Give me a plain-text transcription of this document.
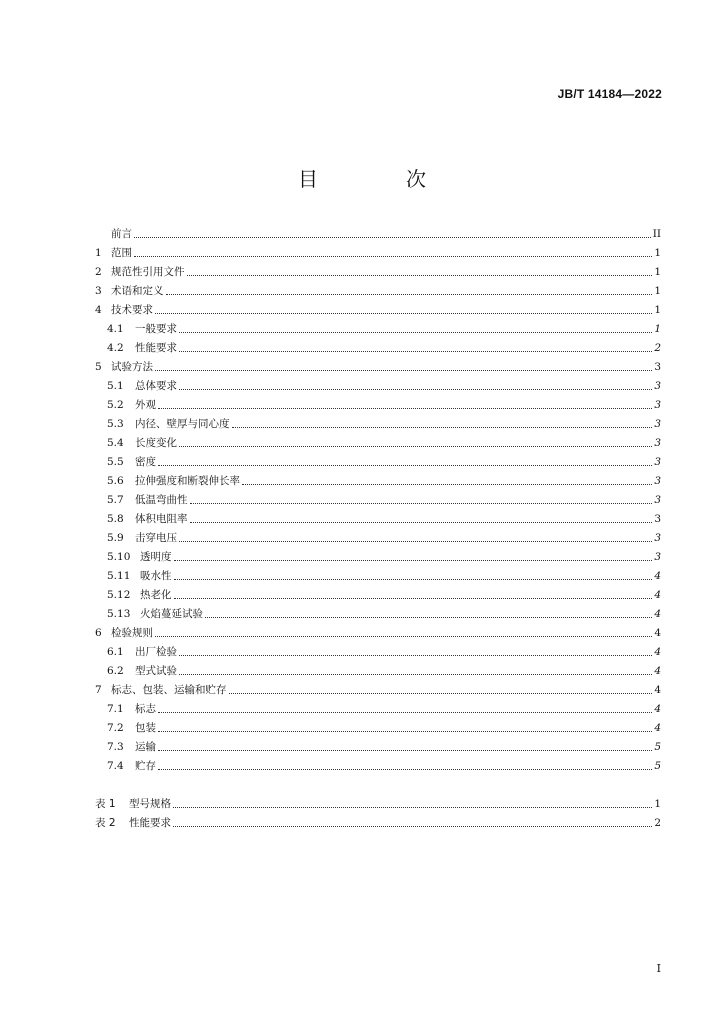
JB/T 14184—2022
目　次
前言	II
1 范围	1
2 规范性引用文件	1
3 术语和定义	1
4 技术要求	1
4.1	一般要求	1
4.2	性能要求	2
5 试验方法	3
5.1	总体要求	3
5.2	外观	3
5.3	内径、壁厚与同心度	3
5.4	长度变化	3
5.5	密度	3
5.6	拉伸强度和断裂伸长率	3
5.7	低温弯曲性	3
5.8	体积电阻率	3
5.9	击穿电压	3
5.10 透明度	3
5.11 吸水性	4
5.12 热老化	4
5.13 火焰蔓延试验	4
6 检验规则	4
6.1	出厂检验	4
6.2	型式试验	4
7 标志、包装、运输和贮存	4
7.1	标志	4
7.2	包装	4
7.3	运输	5
7.4	贮存	5
表 1	型号规格	1
表 2	性能要求	2
I
